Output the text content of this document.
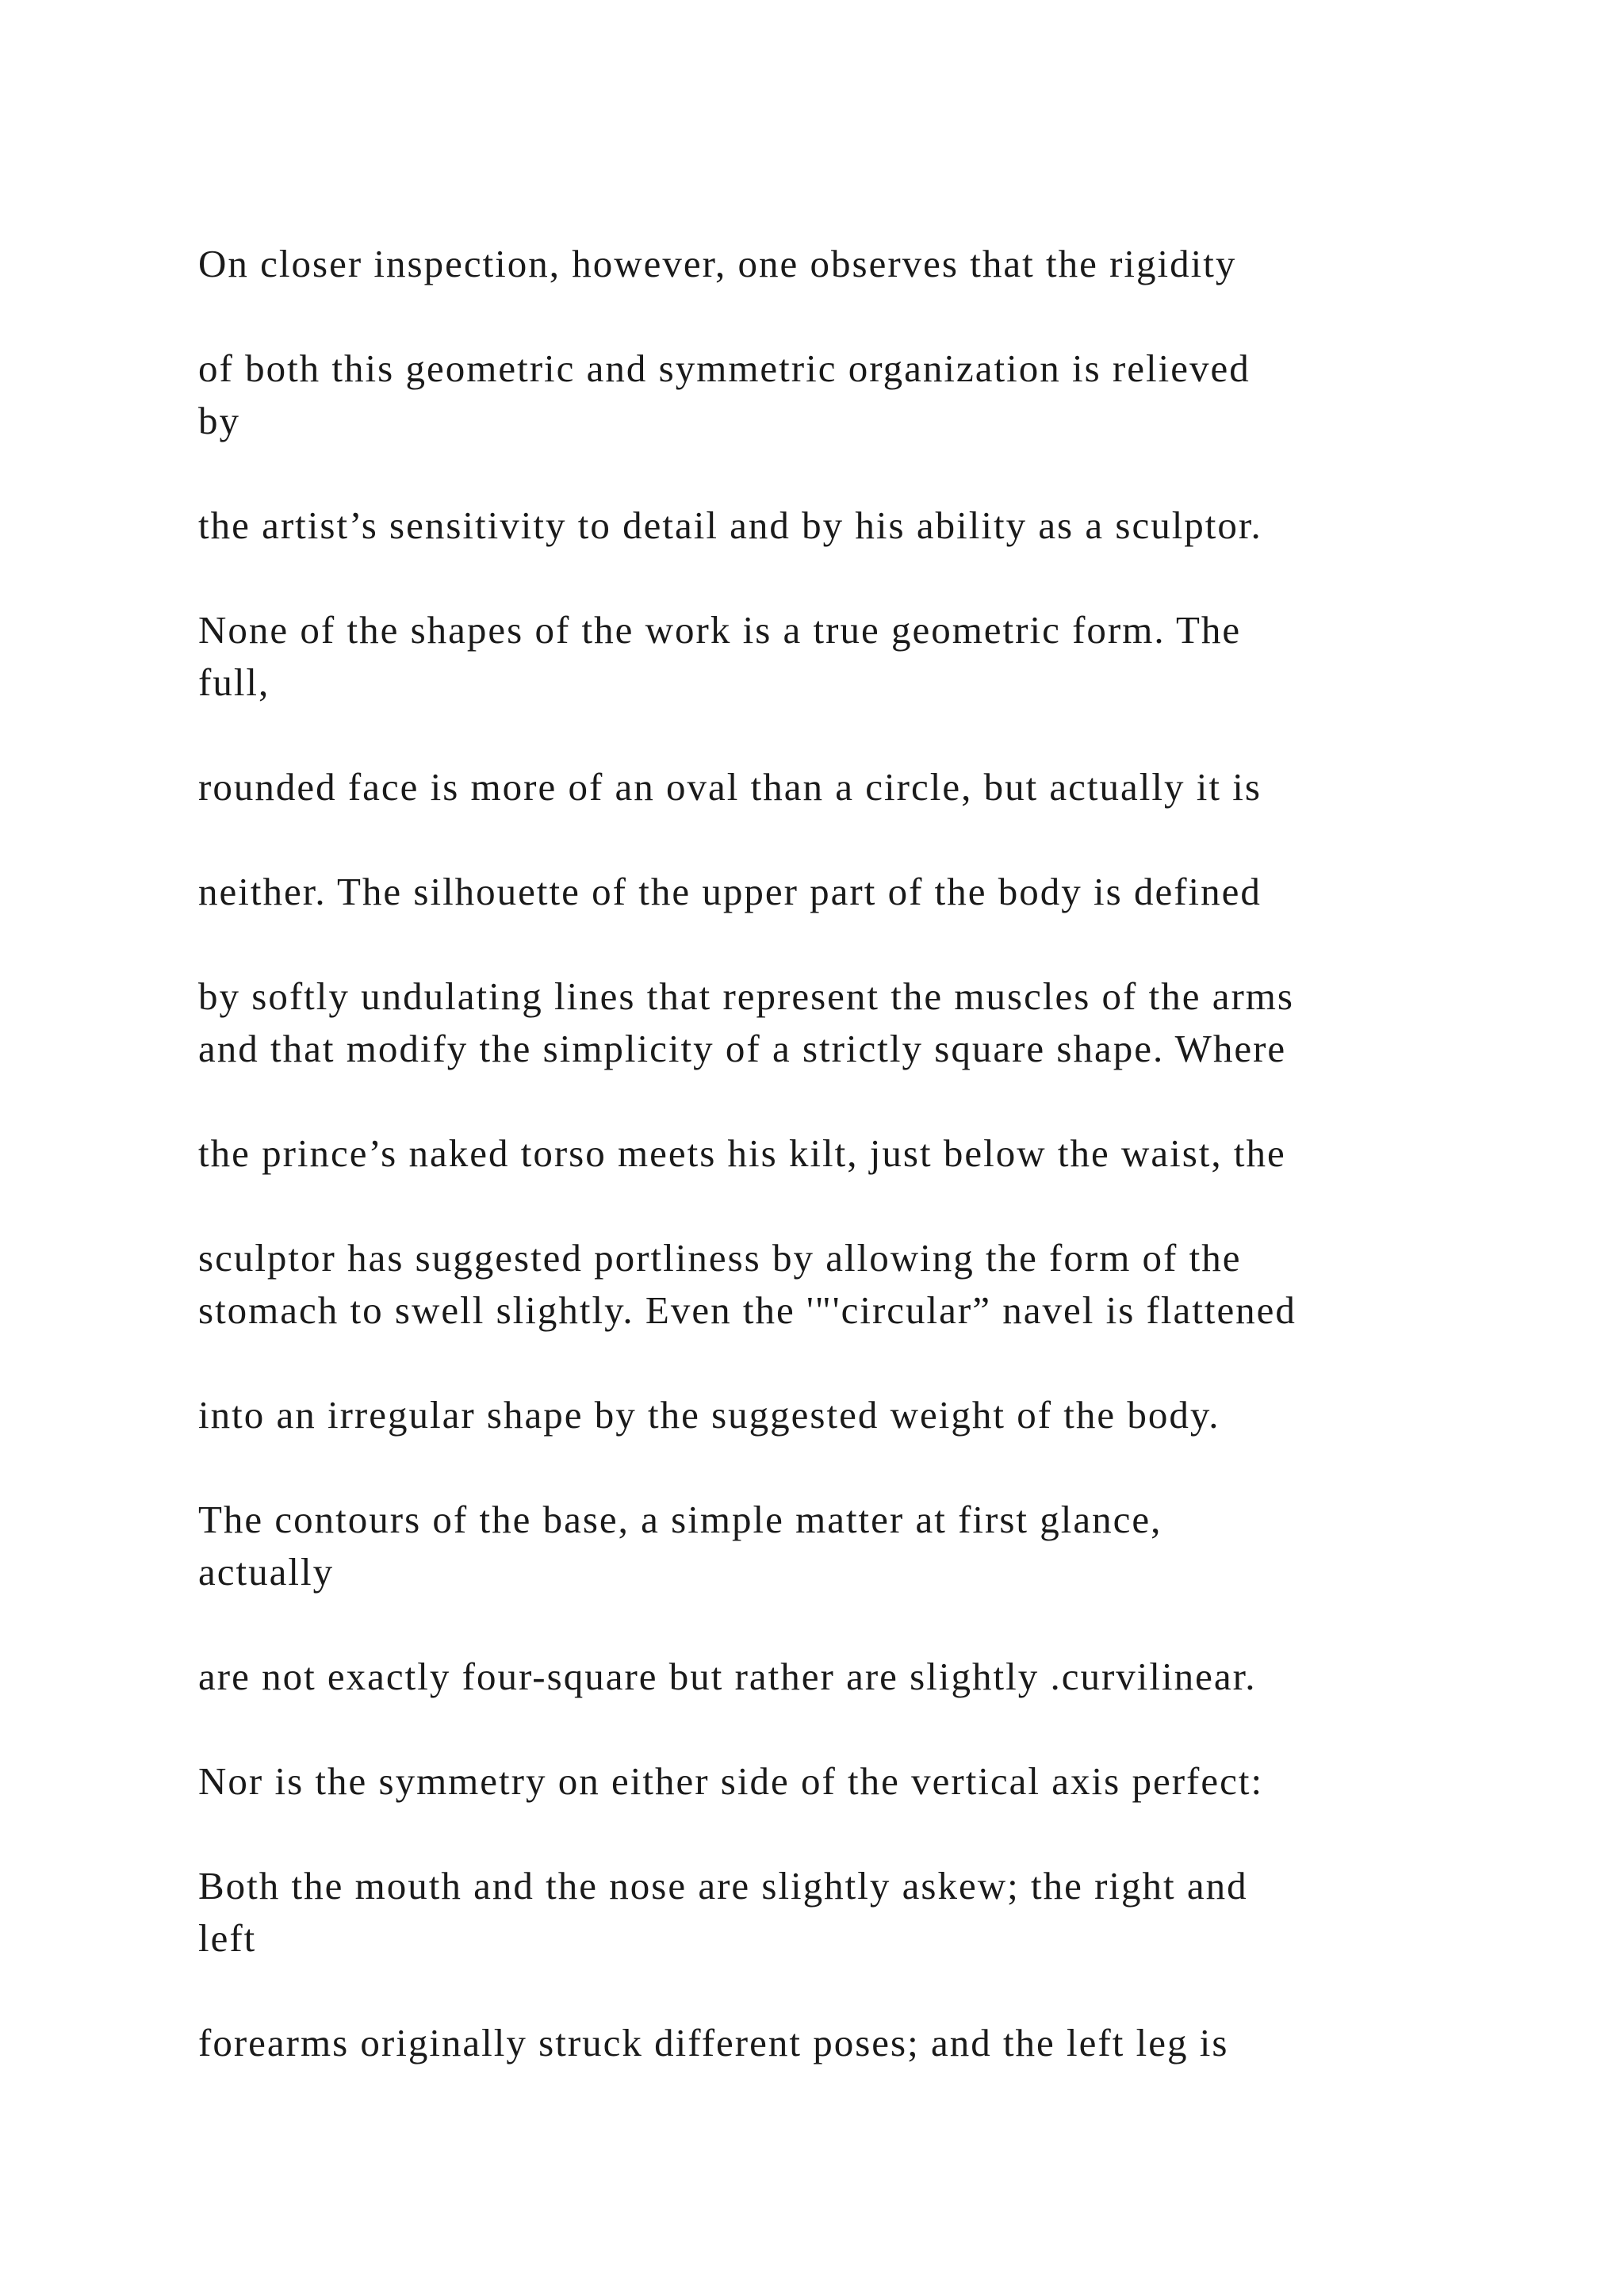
On closer inspection, however, one observes that the rigidity
of both this geometric and symmetric organization is relieved
by
the artist’s sensitivity to detail and by his ability as a sculptor.
None of the shapes of the work is a true geometric form. The
full,
rounded face is more of an oval than a circle, but actually it is
neither. The silhouette of the upper part of the body is defined
by softly undulating lines that represent the muscles of the arms
and that modify the simplicity of a strictly square shape. Where
the prince’s naked torso meets his kilt, just below the waist, the
sculptor has suggested portliness by allowing the form of the
stomach to swell slightly. Even the '"'circular” navel is flattened
into an irregular shape by the suggested weight of the body.
The contours of the base, a simple matter at first glance,
actually
are not exactly four-square but rather are slightly .curvilinear.
Nor is the symmetry on either side of the vertical axis perfect:
Both the mouth and the nose are slightly askew; the right and
left
forearms originally struck different poses; and the left leg is
